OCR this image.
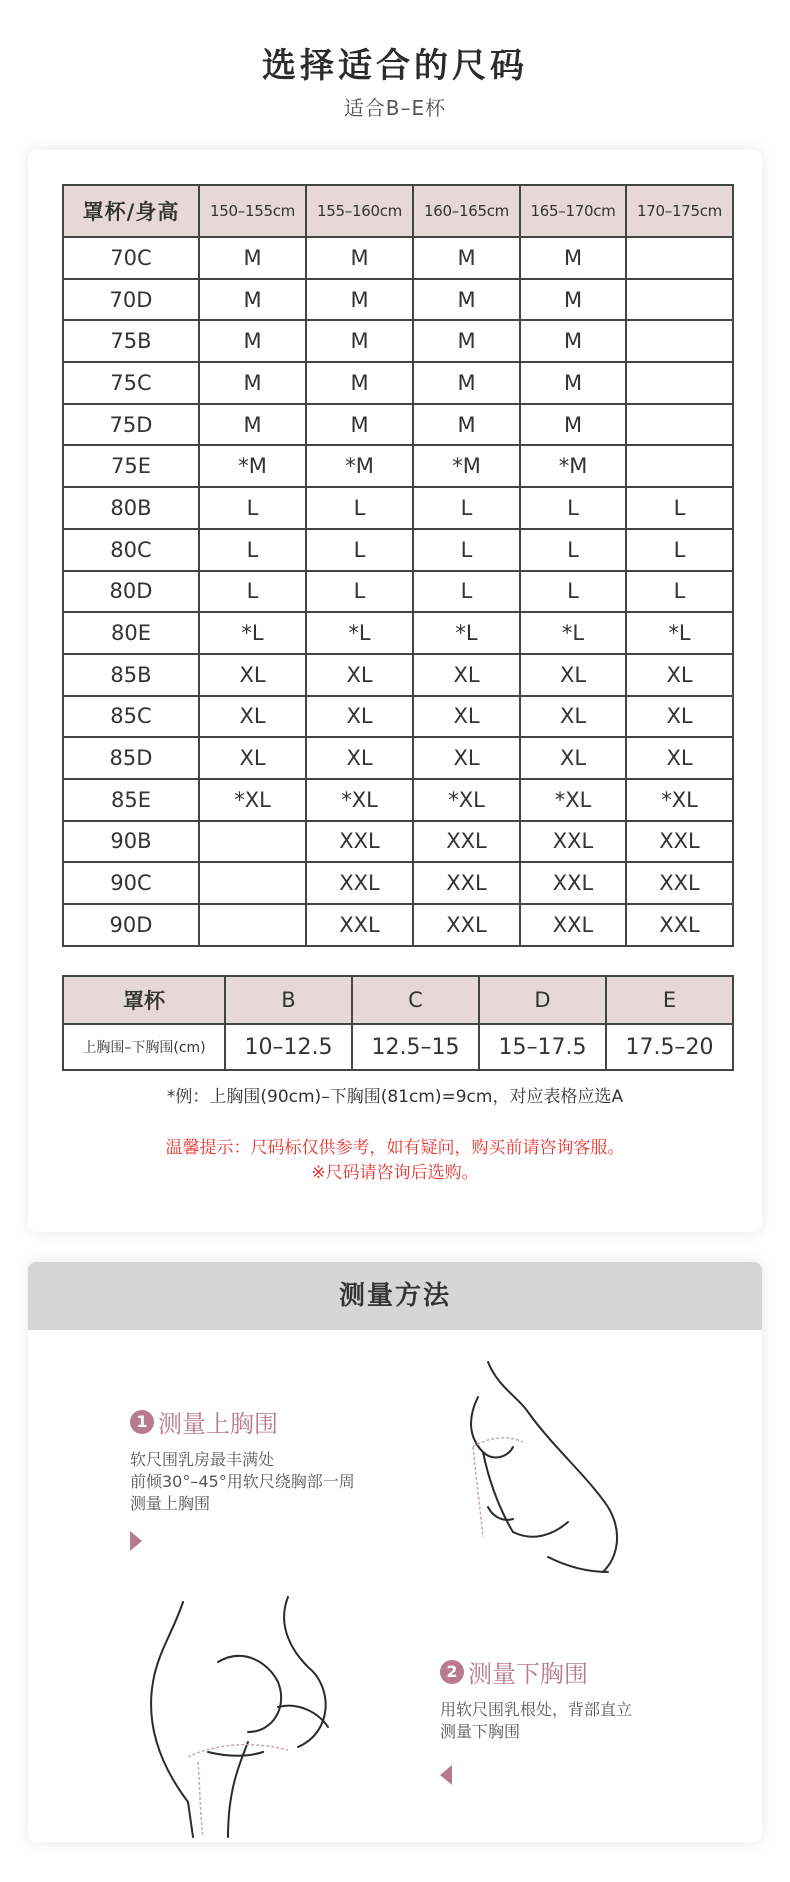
选择适合的尺码
适合B–E杯
罩杯/身高	150–155cm	155–160cm	160–165cm	165–170cm	170–175cm
70C	M	M	M	M	
70D	M	M	M	M	
75B	M	M	M	M	
75C	M	M	M	M	
75D	M	M	M	M	
75E	*M	*M	*M	*M	
80B	L	L	L	L	L
80C	L	L	L	L	L
80D	L	L	L	L	L
80E	*L	*L	*L	*L	*L
85B	XL	XL	XL	XL	XL
85C	XL	XL	XL	XL	XL
85D	XL	XL	XL	XL	XL
85E	*XL	*XL	*XL	*XL	*XL
90B		XXL	XXL	XXL	XXL
90C		XXL	XXL	XXL	XXL
90D		XXL	XXL	XXL	XXL
罩杯	B	C	D	E
上胸围–下胸围(cm)	10–12.5	12.5–15	15–17.5	17.5–20
*例：上胸围(90cm)–下胸围(81cm)=9cm，对应表格应选A
温馨提示：尺码标仅供参考，如有疑问，购买前请咨询客服。
※尺码请咨询后选购。
测量方法
1 测量上胸围
软尺围乳房最丰满处
前倾30°–45°用软尺绕胸部一周
测量上胸围
2 测量下胸围
用软尺围乳根处，背部直立
测量下胸围
